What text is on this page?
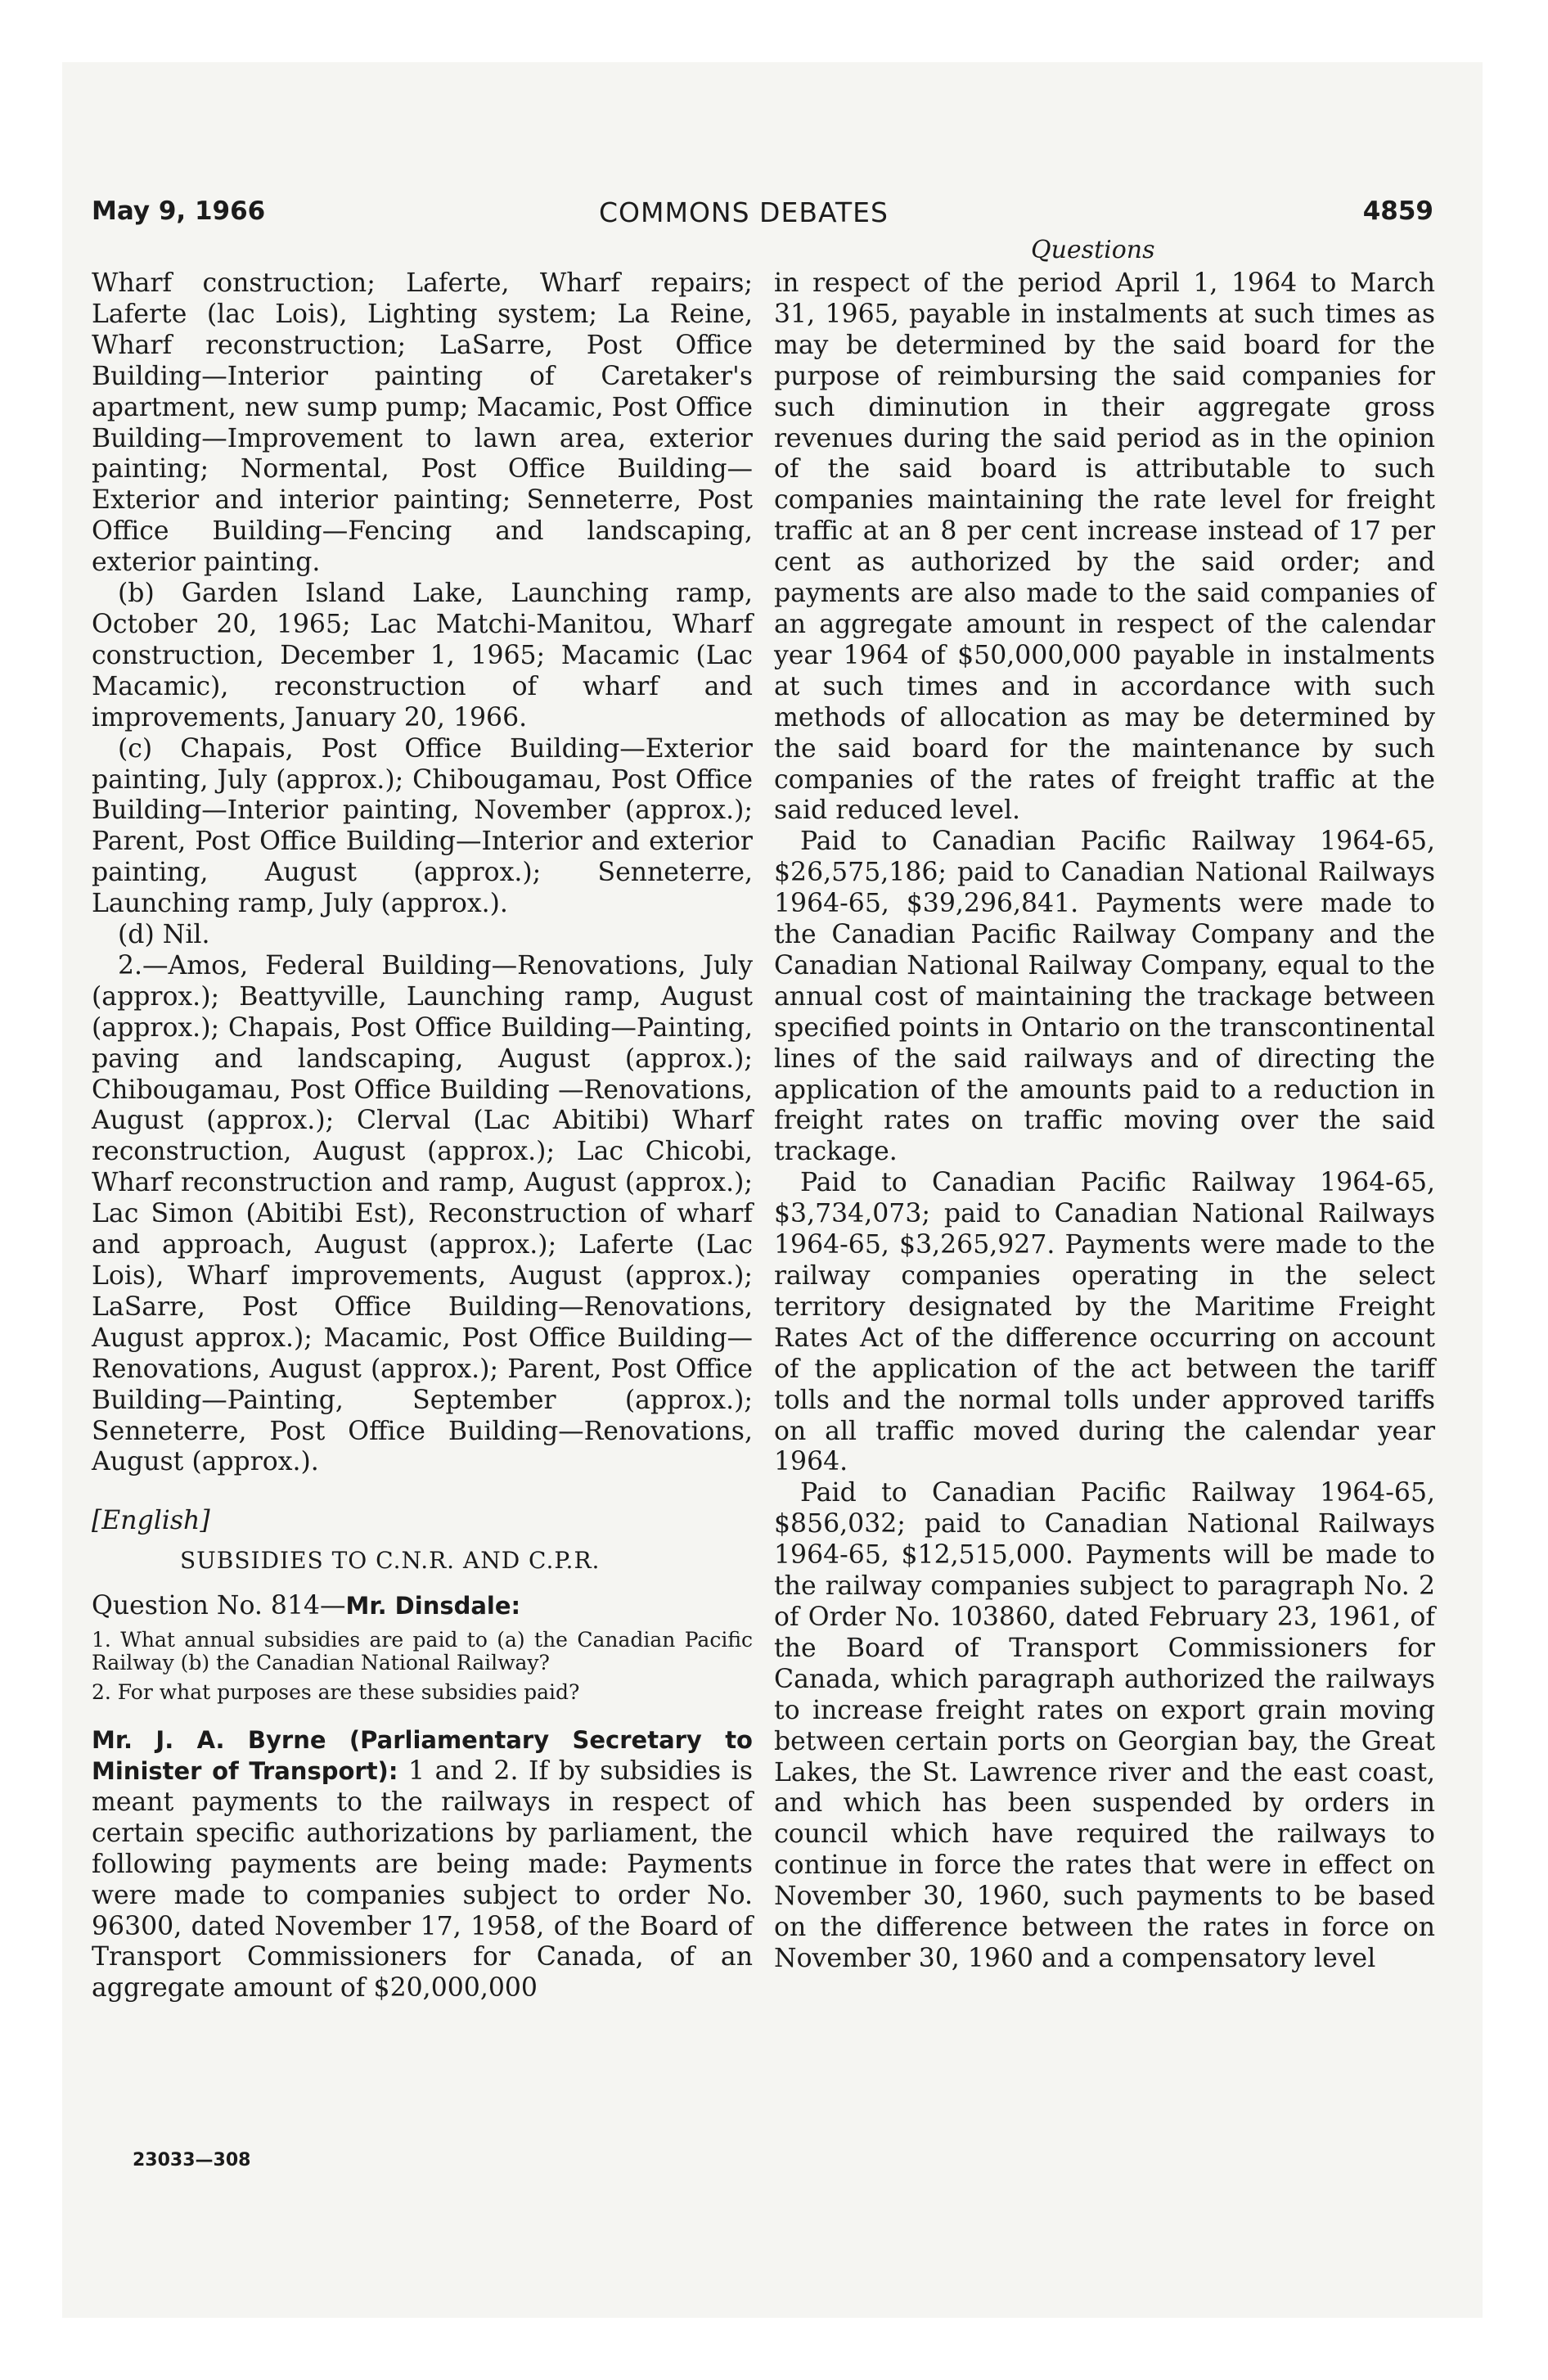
May 9, 1966	COMMONS DEBATES	4859
Questions

Wharf construction; Laferte, Wharf repairs; Laferte (lac Lois), Lighting system; La Reine, Wharf reconstruction; LaSarre, Post Office Building—Interior painting of Caretaker's apartment, new sump pump; Macamic, Post Office Building—Improvement to lawn area, exterior painting; Normental, Post Office Building—Exterior and interior painting; Senneterre, Post Office Building—Fencing and landscaping, exterior painting.

(b) Garden Island Lake, Launching ramp, October 20, 1965; Lac Matchi-Manitou, Wharf construction, December 1, 1965; Macamic (Lac Macamic), reconstruction of wharf and improvements, January 20, 1966.

(c) Chapais, Post Office Building—Exterior painting, July (approx.); Chibougamau, Post Office Building—Interior painting, November (approx.); Parent, Post Office Building—Interior and exterior painting, August (approx.); Senneterre, Launching ramp, July (approx.).

(d) Nil.

2.—Amos, Federal Building—Renovations, July (approx.); Beattyville, Launching ramp, August (approx.); Chapais, Post Office Building—Painting, paving and landscaping, August (approx.); Chibougamau, Post Office Building —Renovations, August (approx.); Clerval (Lac Abitibi) Wharf reconstruction, August (approx.); Lac Chicobi, Wharf reconstruction and ramp, August (approx.); Lac Simon (Abitibi Est), Reconstruction of wharf and approach, August (approx.); Laferte (Lac Lois), Wharf improvements, August (approx.); LaSarre, Post Office Building—Renovations, August approx.); Macamic, Post Office Building—Renovations, August (approx.); Parent, Post Office Building—Painting, September (approx.); Senneterre, Post Office Building—Renovations, August (approx.).

[English]

SUBSIDIES TO C.N.R. AND C.P.R.

Question No. 814—Mr. Dinsdale:

1. What annual subsidies are paid to (a) the Canadian Pacific Railway (b) the Canadian National Railway?

2. For what purposes are these subsidies paid?

Mr. J. A. Byrne (Parliamentary Secretary to Minister of Transport): 1 and 2. If by subsidies is meant payments to the railways in respect of certain specific authorizations by parliament, the following payments are being made: Payments were made to companies subject to order No. 96300, dated November 17, 1958, of the Board of Transport Commissioners for Canada, of an aggregate amount of $20,000,000

in respect of the period April 1, 1964 to March 31, 1965, payable in instalments at such times as may be determined by the said board for the purpose of reimbursing the said companies for such diminution in their aggregate gross revenues during the said period as in the opinion of the said board is attributable to such companies maintaining the rate level for freight traffic at an 8 per cent increase instead of 17 per cent as authorized by the said order; and payments are also made to the said companies of an aggregate amount in respect of the calendar year 1964 of $50,000,000 payable in instalments at such times and in accordance with such methods of allocation as may be determined by the said board for the maintenance by such companies of the rates of freight traffic at the said reduced level.

Paid to Canadian Pacific Railway 1964-65, $26,575,186; paid to Canadian National Railways 1964-65, $39,296,841. Payments were made to the Canadian Pacific Railway Company and the Canadian National Railway Company, equal to the annual cost of maintaining the trackage between specified points in Ontario on the transcontinental lines of the said railways and of directing the application of the amounts paid to a reduction in freight rates on traffic moving over the said trackage.

Paid to Canadian Pacific Railway 1964-65, $3,734,073; paid to Canadian National Railways 1964-65, $3,265,927. Payments were made to the railway companies operating in the select territory designated by the Maritime Freight Rates Act of the difference occurring on account of the application of the act between the tariff tolls and the normal tolls under approved tariffs on all traffic moved during the calendar year 1964.

Paid to Canadian Pacific Railway 1964-65, $856,032; paid to Canadian National Railways 1964-65, $12,515,000. Payments will be made to the railway companies subject to paragraph No. 2 of Order No. 103860, dated February 23, 1961, of the Board of Transport Commissioners for Canada, which paragraph authorized the railways to increase freight rates on export grain moving between certain ports on Georgian bay, the Great Lakes, the St. Lawrence river and the east coast, and which has been suspended by orders in council which have required the railways to continue in force the rates that were in effect on November 30, 1960, such payments to be based on the difference between the rates in force on November 30, 1960 and a compensatory level

23033—308
